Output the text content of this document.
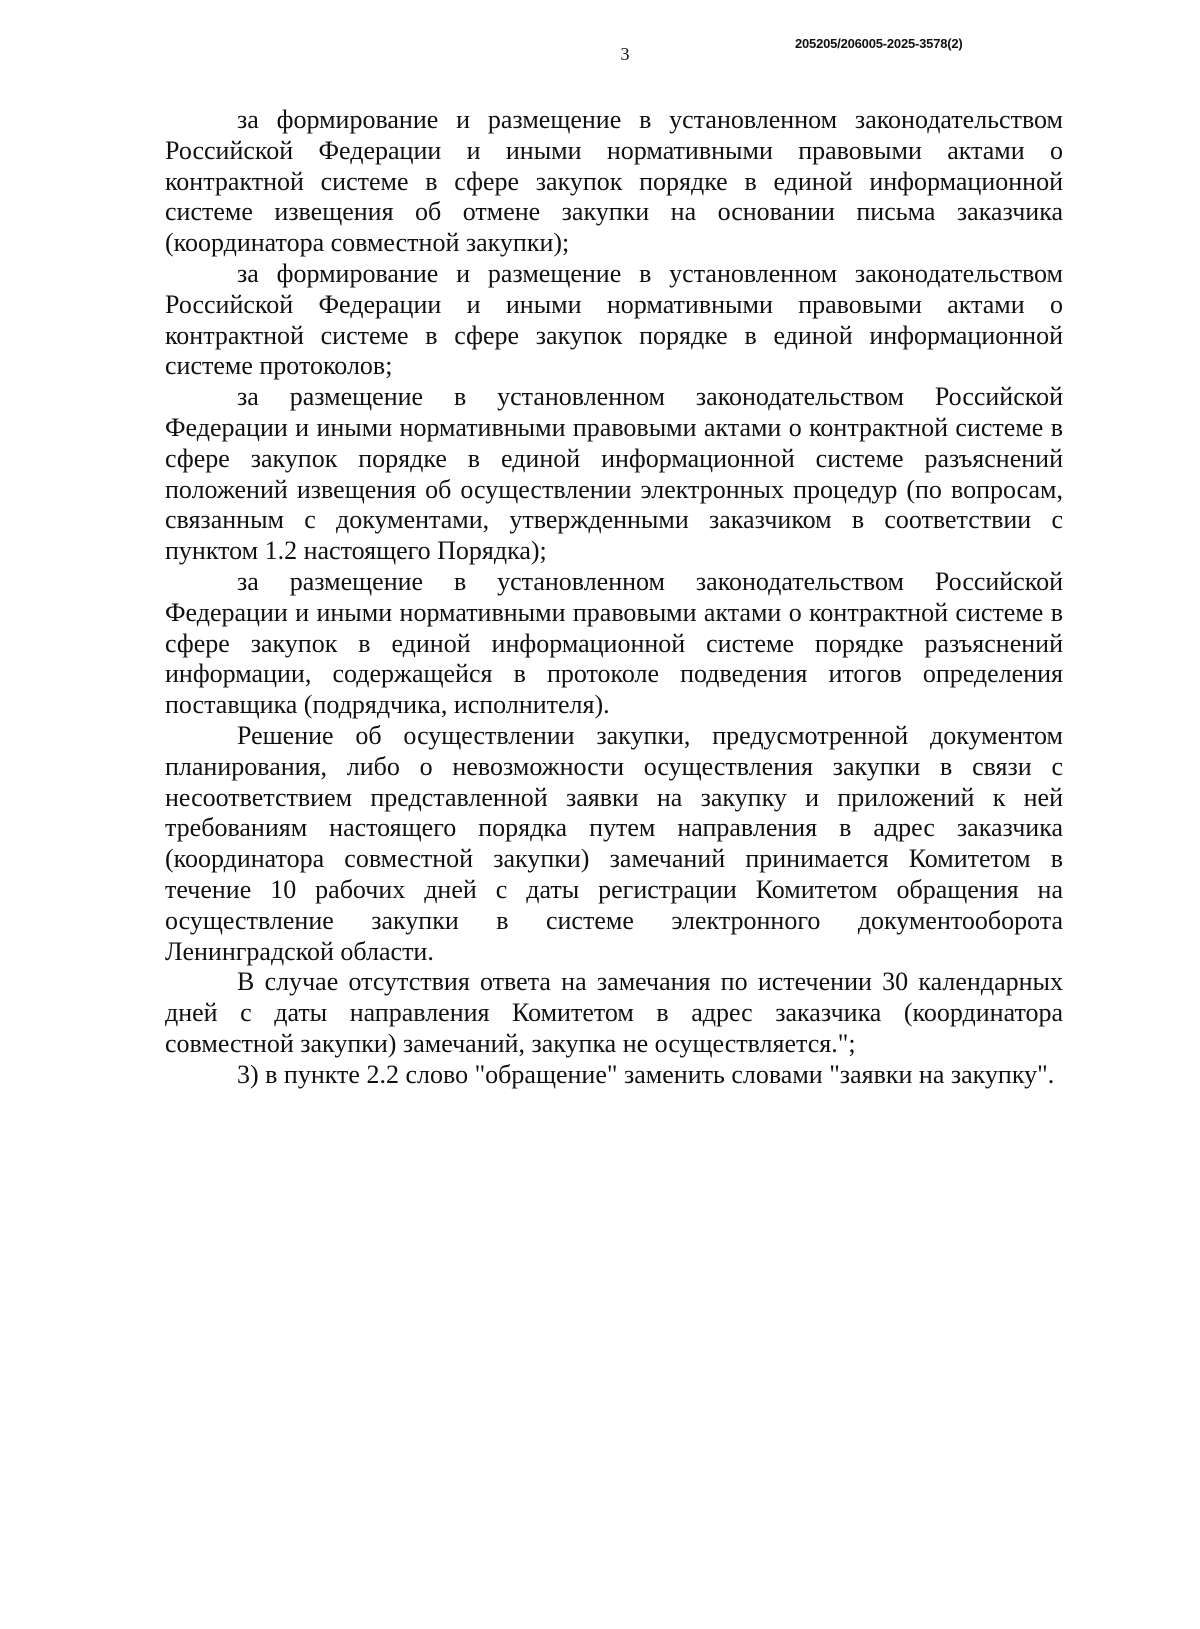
3

205205/206005-2025-3578(2)

за формирование и размещение в установленном законодательством Российской Федерации и иными нормативными правовыми актами о контрактной системе в сфере закупок порядке в единой информационной системе извещения об отмене закупки на основании письма заказчика (координатора совместной закупки);

за формирование и размещение в установленном законодательством Российской Федерации и иными нормативными правовыми актами о контрактной системе в сфере закупок порядке в единой информационной системе протоколов;

за размещение в установленном законодательством Российской Федерации и иными нормативными правовыми актами о контрактной системе в сфере закупок порядке в единой информационной системе разъяснений положений извещения об осуществлении электронных процедур (по вопросам, связанным с документами, утвержденными заказчиком в соответствии с пунктом 1.2 настоящего Порядка);

за размещение в установленном законодательством Российской Федерации и иными нормативными правовыми актами о контрактной системе в сфере закупок в единой информационной системе порядке разъяснений информации, содержащейся в протоколе подведения итогов определения поставщика (подрядчика, исполнителя).

Решение об осуществлении закупки, предусмотренной документом планирования, либо о невозможности осуществления закупки в связи с несоответствием представленной заявки на закупку и приложений к ней требованиям настоящего порядка путем направления в адрес заказчика (координатора совместной закупки) замечаний принимается Комитетом в течение 10 рабочих дней с даты регистрации Комитетом обращения на осуществление закупки в системе электронного документооборота Ленинградской области.

В случае отсутствия ответа на замечания по истечении 30 календарных дней с даты направления Комитетом в адрес заказчика (координатора совместной закупки) замечаний, закупка не осуществляется.";

3) в пункте 2.2 слово "обращение" заменить словами "заявки на закупку".
